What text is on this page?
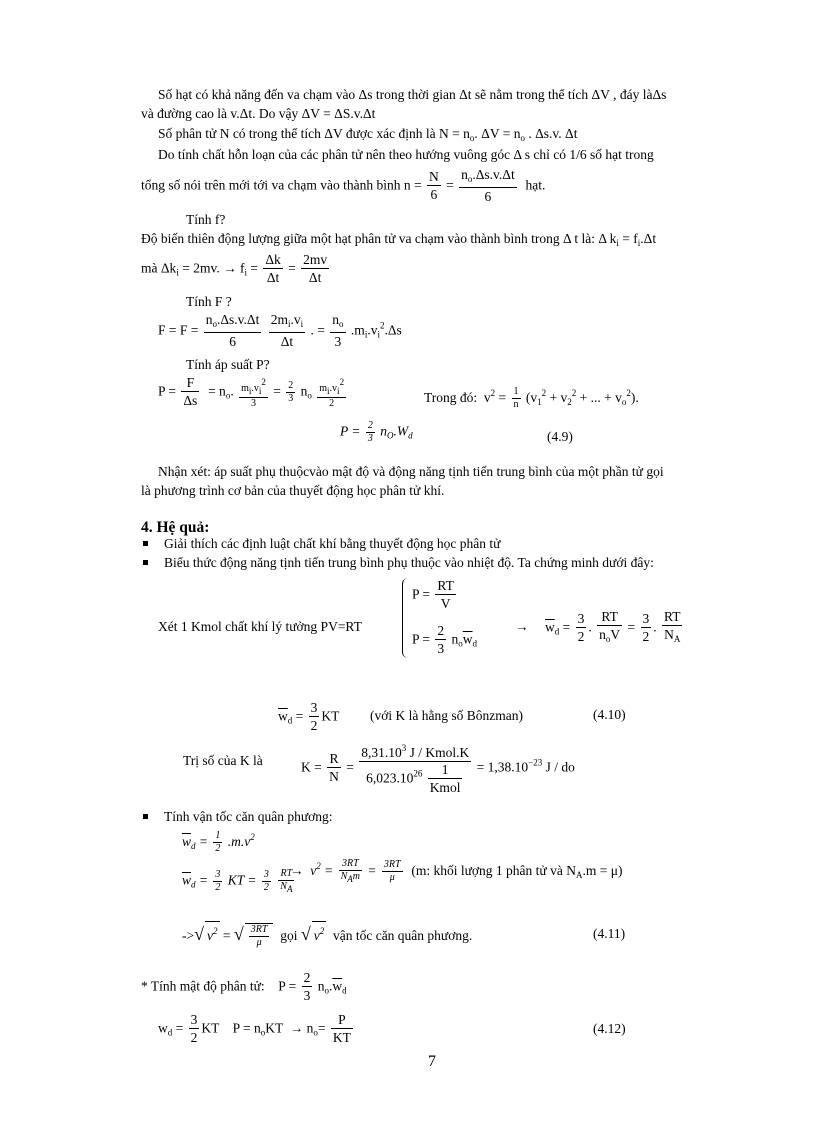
Số hạt có khả năng đến va chạm vào Δs trong thời gian Δt sẽ nằm trong thể tích ΔV , đáy làΔs
và đường cao là v.Δt. Do vậy ΔV = ΔS.v.Δt
Số phân tử N có trong thể tích ΔV được xác định là $N = n_o$. $\Delta V = n_o$ . Δs.v. Δt
Do tính chất hỗn loạn của các phân tử nên theo hướng vuông góc Δ s chỉ có 1/6 số hạt trong
tổng số nói trên mới tới va chạm vào thành bình $n = \frac{N}{6} = \frac{n_o.\Delta s.v.\Delta t}{6}$ hạt.
Tính f?
Độ biến thiên động lượng giữa một hạt phân tử va chạm vào thành bình trong Δ t là: Δ $k_i = f_i.\Delta t$
mà $\Delta k_i = 2mv$. → $f_i = \frac{\Delta k}{\Delta t} = \frac{2mv}{\Delta t}$
Tính F ?
$F = F = \frac{n_o.\Delta s.v.\Delta t}{6}$
$\frac{2m_i.v_i}{\Delta t}$ . = $\frac{n_o}{3} .m_i.v_i^2.\Delta s$
Tính áp suất P?
$P = \frac{F}{\Delta s} = n_o$. $\frac{mi.vi2}{3} = \frac{2}{3} n_o \frac{mi.vi2}{2}$	Trong đó:  $v^2 = \frac{1}{n} (v_1^2 + v_2^2$ + ... + $v_o^2$).
$P = \frac{2}{3} n_O.W_d$	(4.9)
Nhận xét: áp suất phụ thuộcvào mật độ và động năng tịnh tiến trung bình của một phần tử gọi
là phương trình cơ bản của thuyết động học phân tử khí.
4. Hệ quả:
Giải thích các định luật chất khí bằng thuyết động học phân tử
Biểu thức động năng tịnh tiến trung bình phụ thuộc vào nhiệt độ. Ta chứng minh dưới đây:
Xét 1 Kmol chất khí lý tưởng PV=RT
$P = \frac{RT}{V}$
$P = \frac{2}{3} n_o\overline{w}_d$
→ $\overline{w}_d = \frac{3}{2}$ . $\frac{RT}{n_oV} = \frac{3}{2}$ . $\frac{RT}{N_A}$
$\overline{w}_d = \frac{3}{2}$ KT (với K là hằng số Bônzman)	(4.10)
Trị số của K là	$K = \frac{R}{N} = \frac{8,31.10^3 J / Kmol.K}{6,023.10^{26} \frac{1}{\text{Kmol}}} = 1,38.10^{-23}$ J / do
Tính vận tốc căn quân phương:
$\overline{w}_d = \frac{1}{2} .m.v^2$
$\overline{w}_d = \frac{3}{2}$ KT = $\frac{3}{2}$
$\frac{RT}{NA}$
→  $v^2 = \frac{3RT}{\text{NAm}} = \frac{3RT}{\mu} (m$: khối lượng 1 phân tử và $N_A.m = \mu$)
->√ $v^2$ = √ $\frac{3RT}{\mu}$ gọi √ $v^2$ vận tốc căn quân phương.	(4.11)
* Tính mật độ phân tử:    $P = \frac{2}{3} n_o.\overline{w}_d$
$w_d = \frac{3}{2}$ KT    $P = n_oKT \to n_o= \frac{P}{KT}$	(4.12)
7
